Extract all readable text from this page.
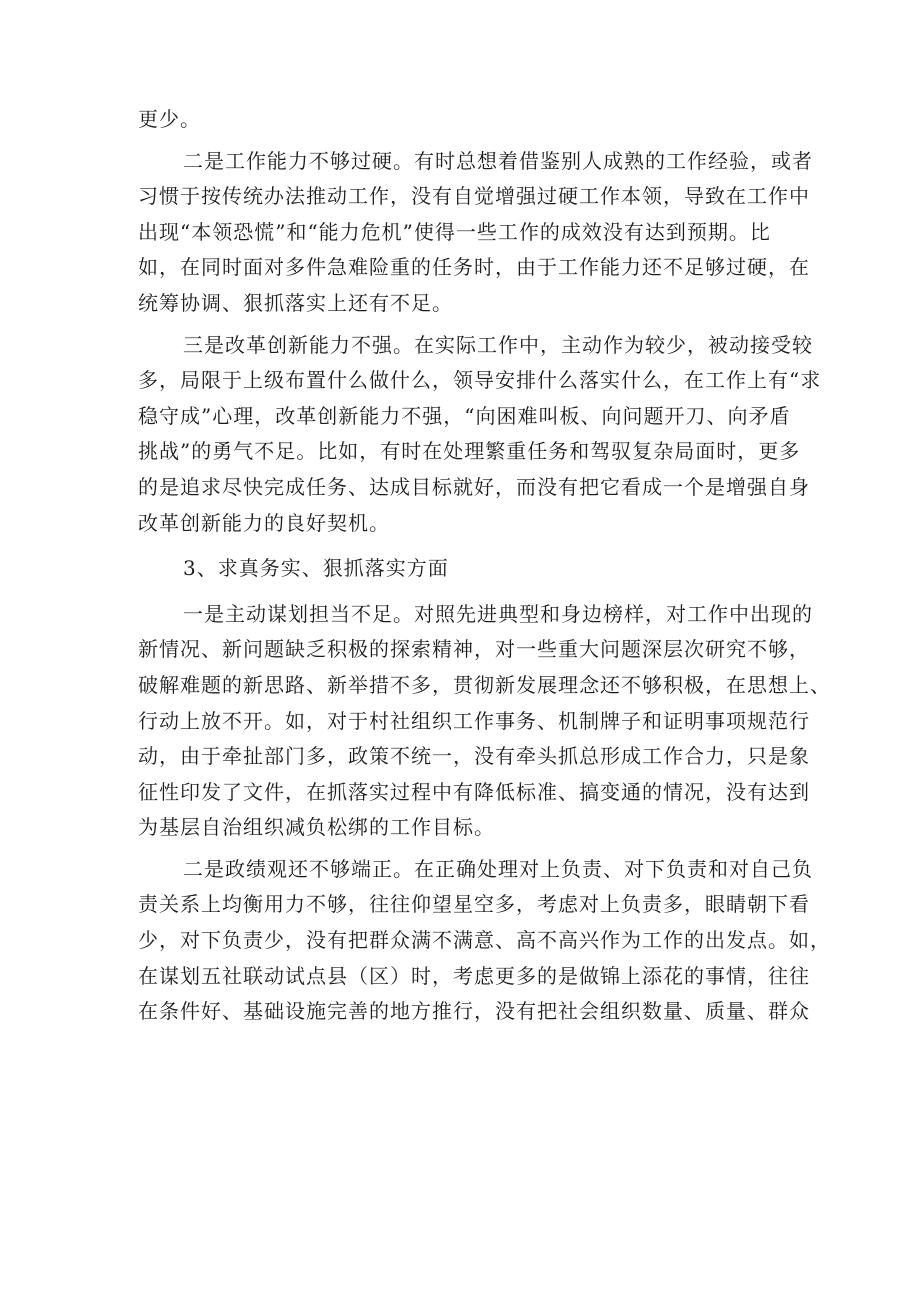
更少。
二是工作能力不够过硬。有时总想着借鉴别人成熟的工作经验，或者
习惯于按传统办法推动工作，没有自觉增强过硬工作本领，导致在工作中
出现“本领恐慌”和“能力危机”使得一些工作的成效没有达到预期。比
如，在同时面对多件急难险重的任务时，由于工作能力还不足够过硬，在
统筹协调、狠抓落实上还有不足。
三是改革创新能力不强。在实际工作中，主动作为较少，被动接受较
多，局限于上级布置什么做什么，领导安排什么落实什么，在工作上有“求
稳守成”心理，改革创新能力不强，“向困难叫板、向问题开刀、向矛盾
挑战”的勇气不足。比如，有时在处理繁重任务和驾驭复杂局面时，更多
的是追求尽快完成任务、达成目标就好，而没有把它看成一个是增强自身
改革创新能力的良好契机。
3、求真务实、狠抓落实方面
一是主动谋划担当不足。对照先进典型和身边榜样，对工作中出现的
新情况、新问题缺乏积极的探索精神，对一些重大问题深层次研究不够，
破解难题的新思路、新举措不多，贯彻新发展理念还不够积极，在思想上、
行动上放不开。如，对于村社组织工作事务、机制牌子和证明事项规范行
动，由于牵扯部门多，政策不统一，没有牵头抓总形成工作合力，只是象
征性印发了文件，在抓落实过程中有降低标准、搞变通的情况，没有达到
为基层自治组织减负松绑的工作目标。
二是政绩观还不够端正。在正确处理对上负责、对下负责和对自己负
责关系上均衡用力不够，往往仰望星空多，考虑对上负责多，眼睛朝下看
少，对下负责少，没有把群众满不满意、高不高兴作为工作的出发点。如，
在谋划五社联动试点县（区）时，考虑更多的是做锦上添花的事情，往往
在条件好、基础设施完善的地方推行，没有把社会组织数量、质量、群众
